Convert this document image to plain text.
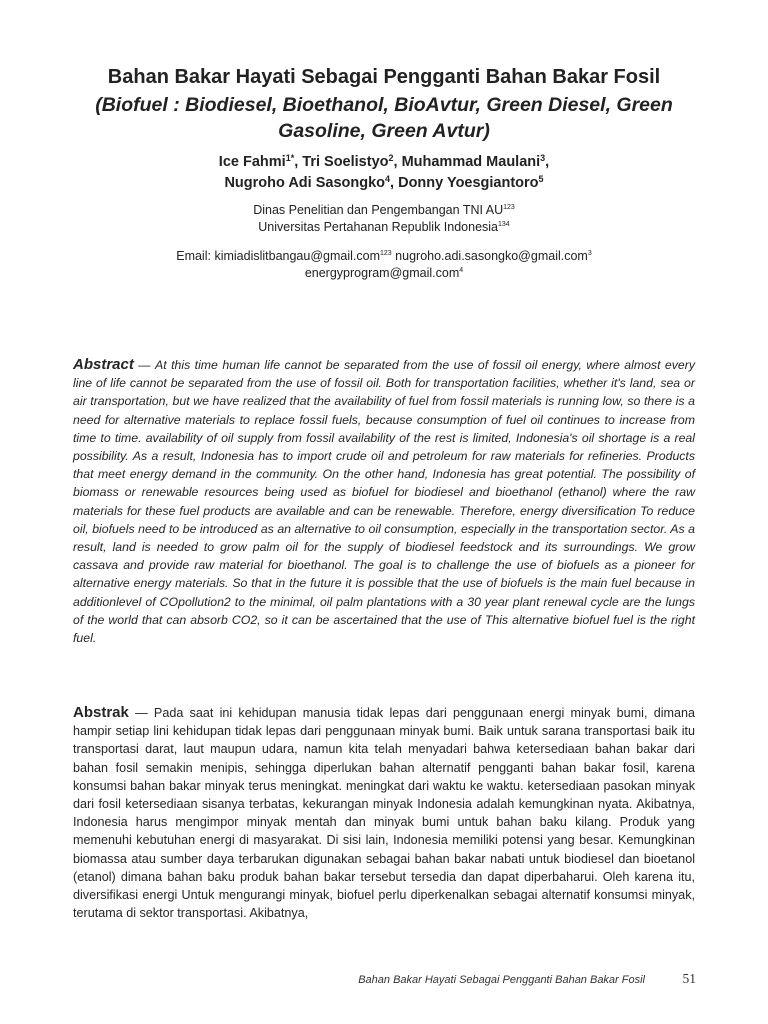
Bahan Bakar Hayati Sebagai Pengganti Bahan Bakar Fosil
(Biofuel : Biodiesel, Bioethanol, BioAvtur, Green Diesel, Green Gasoline, Green Avtur)
Ice Fahmi$^{1*}$, Tri Soelistyo$^2$, Muhammad Maulani$^3$,
Nugroho Adi Sasongko$^4$, Donny Yoesgiantoro$^5$
Dinas Penelitian dan Pengembangan TNI AU$^{123}$
Universitas Pertahanan Republik Indonesia$^{134}$
Email: kimiadislitbangau@gmail.com$^{123}$ nugroho.adi.sasongko@gmail.com$^3$
energyprogram@gmail.com$^4$
Abstract — At this time human life cannot be separated from the use of fossil oil energy, where almost every line of life cannot be separated from the use of fossil oil. Both for transportation facilities, whether it's land, sea or air transportation, but we have realized that the availability of fuel from fossil materials is running low, so there is a need for alternative materials to replace fossil fuels, because consumption of fuel oil continues to increase from time to time. availability of oil supply from fossil availability of the rest is limited, Indonesia's oil shortage is a real possibility. As a result, Indonesia has to import crude oil and petroleum for raw materials for refineries. Products that meet energy demand in the community. On the other hand, Indonesia has great potential. The possibility of biomass or renewable resources being used as biofuel for biodiesel and bioethanol (ethanol) where the raw materials for these fuel products are available and can be renewable. Therefore, energy diversification To reduce oil, biofuels need to be introduced as an alternative to oil consumption, especially in the transportation sector. As a result, land is needed to grow palm oil for the supply of biodiesel feedstock and its surroundings. We grow cassava and provide raw material for bioethanol. The goal is to challenge the use of biofuels as a pioneer for alternative energy materials. So that in the future it is possible that the use of biofuels is the main fuel because in additionlevel of COpollution2 to the minimal, oil palm plantations with a 30 year plant renewal cycle are the lungs of the world that can absorb CO2, so it can be ascertained that the use of This alternative biofuel fuel is the right fuel.
Abstrak — Pada saat ini kehidupan manusia tidak lepas dari penggunaan energi minyak bumi, dimana hampir setiap lini kehidupan tidak lepas dari penggunaan minyak bumi. Baik untuk sarana transportasi baik itu transportasi darat, laut maupun udara, namun kita telah menyadari bahwa ketersediaan bahan bakar dari bahan fosil semakin menipis, sehingga diperlukan bahan alternatif pengganti bahan bakar fosil, karena konsumsi bahan bakar minyak terus meningkat. meningkat dari waktu ke waktu. ketersediaan pasokan minyak dari fosil ketersediaan sisanya terbatas, kekurangan minyak Indonesia adalah kemungkinan nyata. Akibatnya, Indonesia harus mengimpor minyak mentah dan minyak bumi untuk bahan baku kilang. Produk yang memenuhi kebutuhan energi di masyarakat. Di sisi lain, Indonesia memiliki potensi yang besar. Kemungkinan biomassa atau sumber daya terbarukan digunakan sebagai bahan bakar nabati untuk biodiesel dan bioetanol (etanol) dimana bahan baku produk bahan bakar tersebut tersedia dan dapat diperbaharui. Oleh karena itu, diversifikasi energi Untuk mengurangi minyak, biofuel perlu diperkenalkan sebagai alternatif konsumsi minyak, terutama di sektor transportasi. Akibatnya,
Bahan Bakar Hayati Sebagai Pengganti Bahan Bakar Fosil	51
